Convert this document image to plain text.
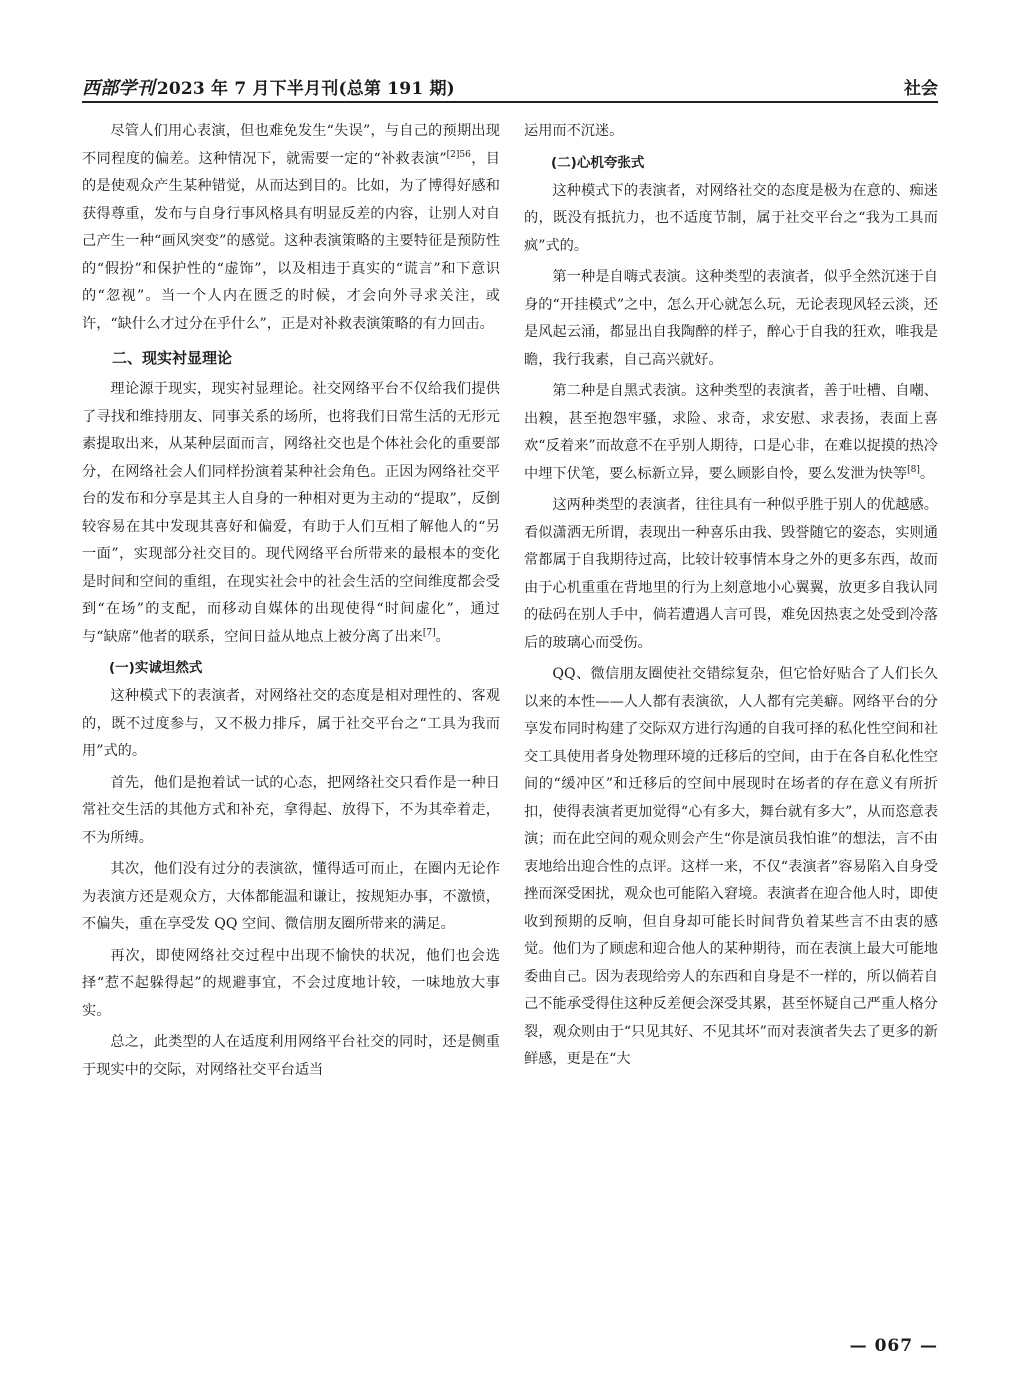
西部学刊 2023 年 7 月下半月刊(总第 191 期)	社会

尽管人们用心表演，但也难免发生“失误”，与自己的预期出现不同程度的偏差。这种情况下，就需要一定的“补救表演”$^{[2]56}$，目的是使观众产生某种错觉，从而达到目的。比如，为了博得好感和获得尊重，发布与自身行事风格具有明显反差的内容，让别人对自己产生一种“画风突变”的感觉。这种表演策略的主要特征是预防性的“假扮”和保护性的“虚饰”，以及相违于真实的“谎言”和下意识的“忽视”。当一个人内在匮乏的时候，才会向外寻求关注，或许，“缺什么才过分在乎什么”，正是对补救表演策略的有力回击。

二、现实衬显理论

理论源于现实，现实衬显理论。社交网络平台不仅给我们提供了寻找和维持朋友、同事关系的场所，也将我们日常生活的无形元素提取出来，从某种层面而言，网络社交也是个体社会化的重要部分，在网络社会人们同样扮演着某种社会角色。正因为网络社交平台的发布和分享是其主人自身的一种相对更为主动的“提取”，反倒较容易在其中发现其喜好和偏爱，有助于人们互相了解他人的“另一面”，实现部分社交目的。现代网络平台所带来的最根本的变化是时间和空间的重组，在现实社会中的社会生活的空间维度都会受到“在场”的支配，而移动自媒体的出现使得“时间虚化”，通过与“缺席”他者的联系，空间日益从地点上被分离了出来[7]。

(一)实诚坦然式

这种模式下的表演者，对网络社交的态度是相对理性的、客观的，既不过度参与，又不极力排斥，属于社交平台之“工具为我而用”式的。

首先，他们是抱着试一试的心态，把网络社交只看作是一种日常社交生活的其他方式和补充，拿得起、放得下，不为其牵着走，不为所缚。

其次，他们没有过分的表演欲，懂得适可而止，在圈内无论作为表演方还是观众方，大体都能温和谦让，按规矩办事，不激愤，不偏失，重在享受发 QQ 空间、微信朋友圈所带来的满足。

再次，即使网络社交过程中出现不愉快的状况，他们也会选择“惹不起躲得起”的规避事宜，不会过度地计较，一味地放大事实。

总之，此类型的人在适度利用网络平台社交的同时，还是侧重于现实中的交际，对网络社交平台适当

运用而不沉迷。

(二)心机夸张式

这种模式下的表演者，对网络社交的态度是极为在意的、痴迷的，既没有抵抗力，也不适度节制，属于社交平台之“我为工具而疯”式的。

第一种是自嗨式表演。这种类型的表演者，似乎全然沉迷于自身的“开挂模式”之中，怎么开心就怎么玩，无论表现风轻云淡，还是风起云涌，都显出自我陶醉的样子，醉心于自我的狂欢，唯我是瞻，我行我素，自己高兴就好。

第二种是自黑式表演。这种类型的表演者，善于吐槽、自嘲、出糗，甚至抱怨牢骚，求险、求奇，求安慰、求表扬，表面上喜欢“反着来”而故意不在乎别人期待，口是心非，在难以捉摸的热冷中埋下伏笔，要么标新立异，要么顾影自怜，要么发泄为快等[8]。

这两种类型的表演者，往往具有一种似乎胜于别人的优越感。看似潇洒无所谓，表现出一种喜乐由我、毁誉随它的姿态，实则通常都属于自我期待过高，比较计较事情本身之外的更多东西，故而由于心机重重在背地里的行为上刻意地小心翼翼，放更多自我认同的砝码在别人手中，倘若遭遇人言可畏，难免因热衷之处受到冷落后的玻璃心而受伤。

QQ、微信朋友圈使社交错综复杂，但它恰好贴合了人们长久以来的本性——人人都有表演欲，人人都有完美癖。网络平台的分享发布同时构建了交际双方进行沟通的自我可择的私化性空间和社交工具使用者身处物理环境的迁移后的空间，由于在各自私化性空间的“缓冲区”和迁移后的空间中展现时在场者的存在意义有所折扣，使得表演者更加觉得“心有多大，舞台就有多大”，从而恣意表演；而在此空间的观众则会产生“你是演员我怕谁”的想法，言不由衷地给出迎合性的点评。这样一来，不仅“表演者”容易陷入自身受挫而深受困扰，观众也可能陷入窘境。表演者在迎合他人时，即使收到预期的反响，但自身却可能长时间背负着某些言不由衷的感觉。他们为了顾虑和迎合他人的某种期待，而在表演上最大可能地委曲自己。因为表现给旁人的东西和自身是不一样的，所以倘若自己不能承受得住这种反差便会深受其累，甚至怀疑自己严重人格分裂，观众则由于“只见其好、不见其坏”而对表演者失去了更多的新鲜感，更是在“大

— 067 —
